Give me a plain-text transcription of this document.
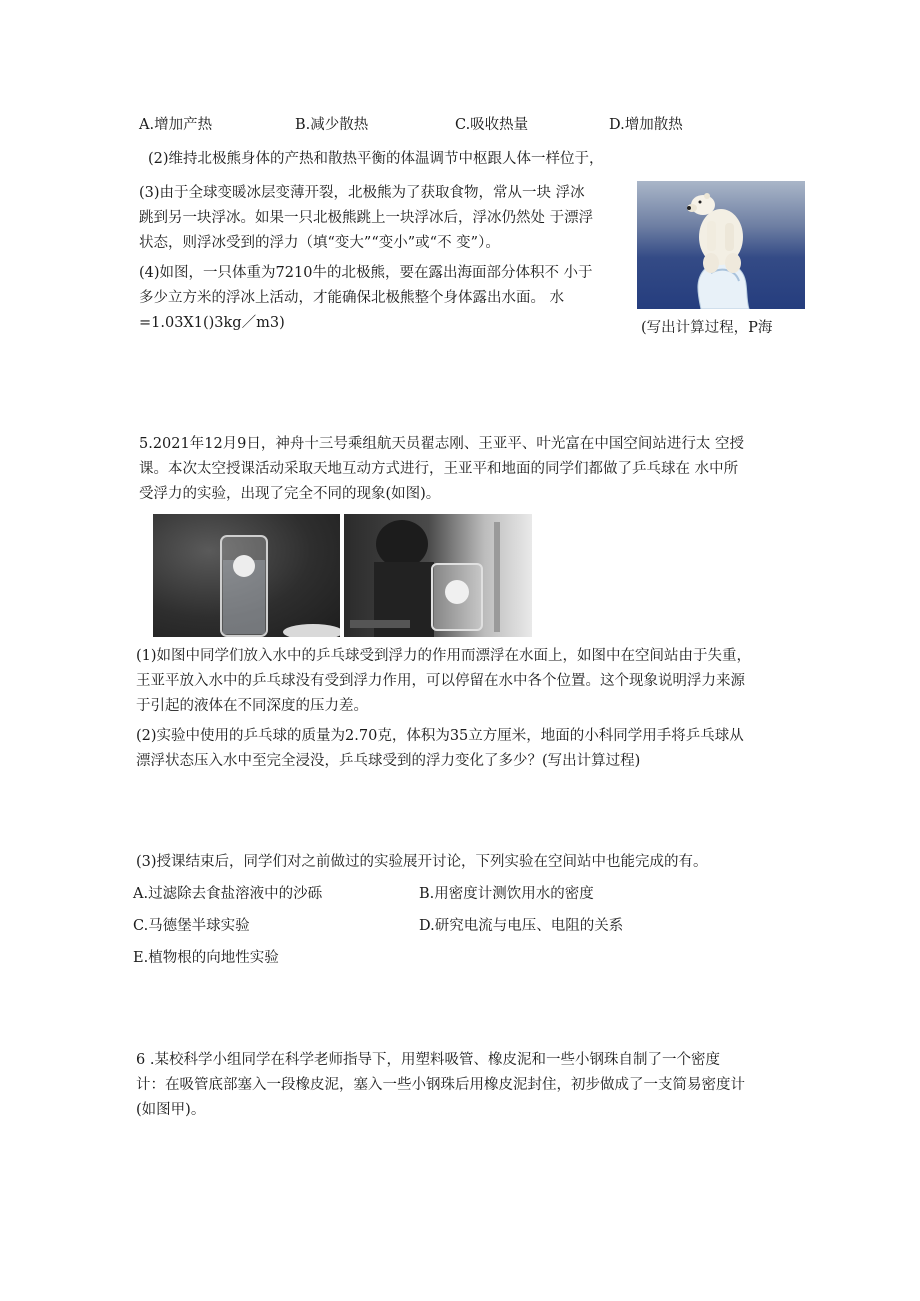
A.增加产热	B.减少散热	C.吸收热量	D.增加散热
(2)维持北极熊身体的产热和散热平衡的体温调节中枢跟人体一样位于，
(3)由于全球变暖冰层变薄开裂，北极熊为了获取食物，常从一块 浮冰
跳到另一块浮冰。如果一只北极熊跳上一块浮冰后，浮冰仍然处 于漂浮
状态，则浮冰受到的浮力（填“变大”“变小”或“不 变”）。
(4)如图，一只体重为7210牛的北极熊，要在露出海面部分体积不 小于
多少立方米的浮冰上活动，才能确保北极熊整个身体露出水面。 水
=1.03X1()3kg／m3)	(写出计算过程，P海
5.2021年12月9日，神舟十三号乘组航天员翟志刚、王亚平、叶光富在中国空间站进行太 空授
课。本次太空授课活动采取天地互动方式进行，王亚平和地面的同学们都做了乒乓球在 水中所
受浮力的实验，出现了完全不同的现象(如图)。
(1)如图中同学们放入水中的乒乓球受到浮力的作用而漂浮在水面上，如图中在空间站由于失重，
王亚平放入水中的乒乓球没有受到浮力作用，可以停留在水中各个位置。这个现象说明浮力来源
于引起的液体在不同深度的压力差。
(2)实验中使用的乒乓球的质量为2.70克，体积为35立方厘米，地面的小科同学用手将乒乓球从
漂浮状态压入水中至完全浸没，乒乓球受到的浮力变化了多少？(写出计算过程)
(3)授课结束后，同学们对之前做过的实验展开讨论，下列实验在空间站中也能完成的有。
A.过滤除去食盐溶液中的沙砾	B.用密度计测饮用水的密度
C.马德堡半球实验	D.研究电流与电压、电阻的关系
E.植物根的向地性实验
6 .某校科学小组同学在科学老师指导下，用塑料吸管、橡皮泥和一些小钢珠自制了一个密度
计：在吸管底部塞入一段橡皮泥，塞入一些小钢珠后用橡皮泥封住，初步做成了一支简易密度计
(如图甲)。
